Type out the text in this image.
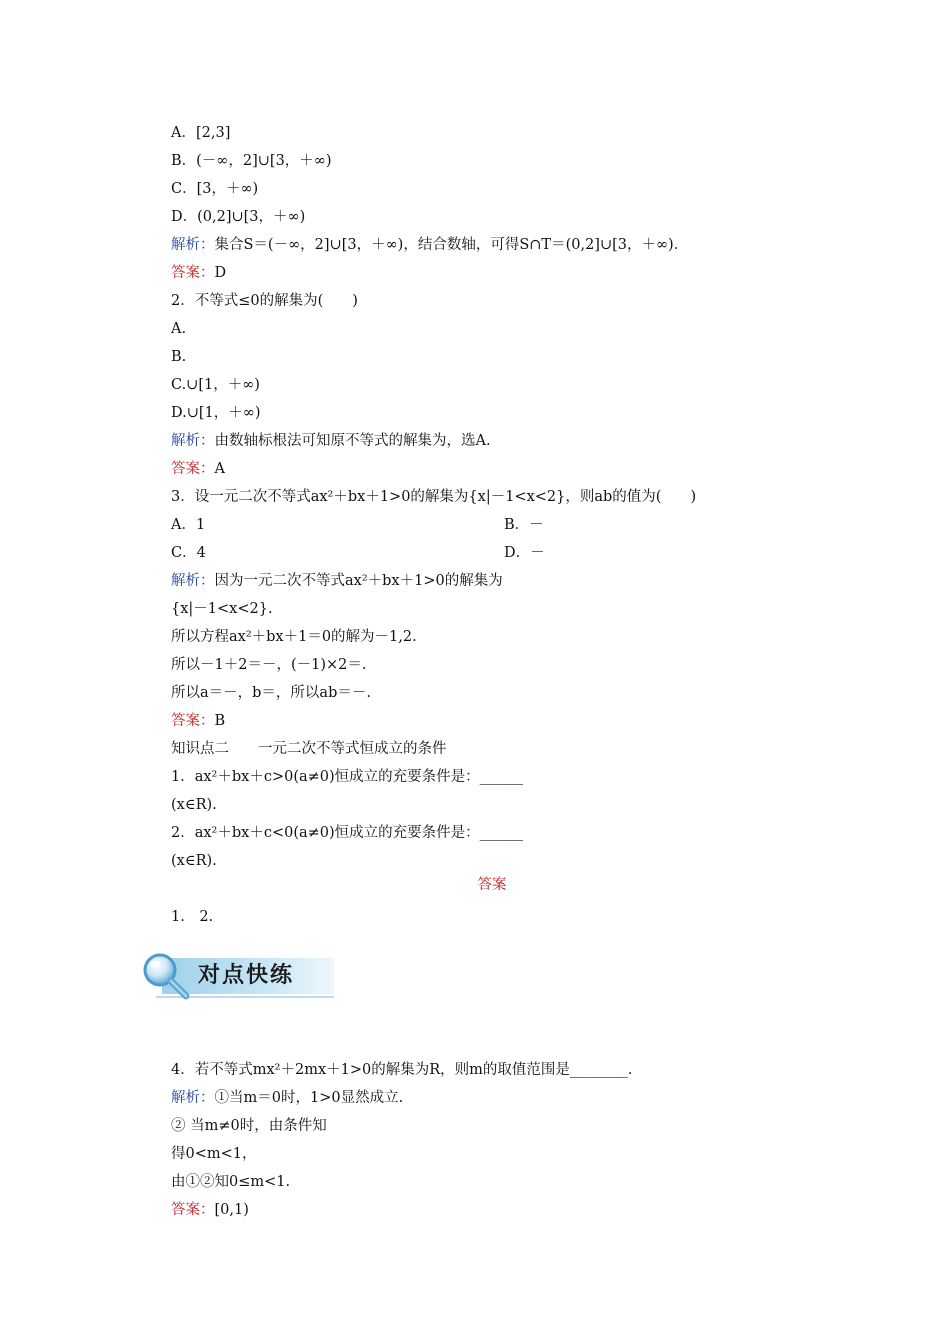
A．[2,3]
B．(－∞，2]∪[3，＋∞)
C．[3，＋∞)
D．(0,2]∪[3，＋∞)
解析：集合S＝(－∞，2]∪[3，＋∞)，结合数轴，可得S∩T＝(0,2]∪[3，＋∞)．
答案：D
2．不等式≤0的解集为(　　)
A.
B.
C.∪[1，＋∞)
D.∪[1，＋∞)
解析：由数轴标根法可知原不等式的解集为，选A.
答案：A
3．设一元二次不等式ax²＋bx＋1>0的解集为{x|－1<x<2}，则ab的值为(　　)
A．1	B．－
C．4	D．－
解析：因为一元二次不等式ax²＋bx＋1>0的解集为
{x|－1<x<2}.
所以方程ax²＋bx＋1＝0的解为－1,2.
所以－1＋2＝－，(－1)×2＝.
所以a＝－，b＝，所以ab＝－.
答案：B
知识点二　　一元二次不等式恒成立的条件
1．ax²＋bx＋c>0(a≠0)恒成立的充要条件是：______
(x∈R).
2．ax²＋bx＋c<0(a≠0)恒成立的充要条件是：______
(x∈R).
1.　2.
4．若不等式mx²＋2mx＋1>0的解集为R，则m的取值范围是________．
解析：①当m＝0时，1>0显然成立.
② 当m≠0时，由条件知
得0<m<1，
由①②知0≤m<1.
答案：[0,1)
答案
对点快练
